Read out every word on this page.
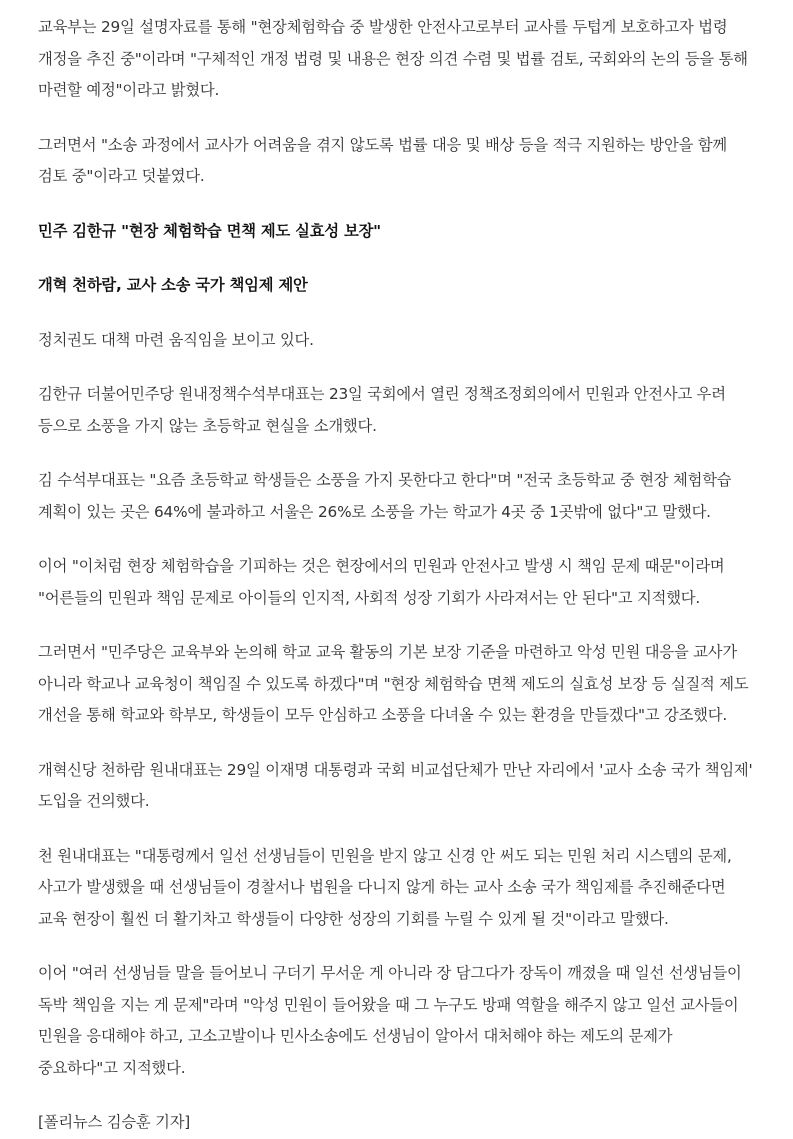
교육부는 29일 설명자료를 통해 "현장체험학습 중 발생한 안전사고로부터 교사를 두텁게 보호하고자 법령 개정을 추진 중"이라며 "구체적인 개정 법령 및 내용은 현장 의견 수렴 및 법률 검토, 국회와의 논의 등을 통해 마련할 예정"이라고 밝혔다.

그러면서 "소송 과정에서 교사가 어려움을 겪지 않도록 법률 대응 및 배상 등을 적극 지원하는 방안을 함께 검토 중"이라고 덧붙였다.

민주 김한규 "현장 체험학습 면책 제도 실효성 보장"

개혁 천하람, 교사 소송 국가 책임제 제안

정치권도 대책 마련 움직임을 보이고 있다.

김한규 더불어민주당 원내정책수석부대표는 23일 국회에서 열린 정책조정회의에서 민원과 안전사고 우려 등으로 소풍을 가지 않는 초등학교 현실을 소개했다.

김 수석부대표는 "요즘 초등학교 학생들은 소풍을 가지 못한다고 한다"며 "전국 초등학교 중 현장 체험학습 계획이 있는 곳은 64%에 불과하고 서울은 26%로 소풍을 가는 학교가 4곳 중 1곳밖에 없다"고 말했다.

이어 "이처럼 현장 체험학습을 기피하는 것은 현장에서의 민원과 안전사고 발생 시 책임 문제 때문"이라며 "어른들의 민원과 책임 문제로 아이들의 인지적, 사회적 성장 기회가 사라져서는 안 된다"고 지적했다.

그러면서 "민주당은 교육부와 논의해 학교 교육 활동의 기본 보장 기준을 마련하고 악성 민원 대응을 교사가 아니라 학교나 교육청이 책임질 수 있도록 하겠다"며 "현장 체험학습 면책 제도의 실효성 보장 등 실질적 제도 개선을 통해 학교와 학부모, 학생들이 모두 안심하고 소풍을 다녀올 수 있는 환경을 만들겠다"고 강조했다.

개혁신당 천하람 원내대표는 29일 이재명 대통령과 국회 비교섭단체가 만난 자리에서 '교사 소송 국가 책임제' 도입을 건의했다.

천 원내대표는 "대통령께서 일선 선생님들이 민원을 받지 않고 신경 안 써도 되는 민원 처리 시스템의 문제, 사고가 발생했을 때 선생님들이 경찰서나 법원을 다니지 않게 하는 교사 소송 국가 책임제를 추진해준다면 교육 현장이 훨씬 더 활기차고 학생들이 다양한 성장의 기회를 누릴 수 있게 될 것"이라고 말했다.

이어 "여러 선생님들 말을 들어보니 구더기 무서운 게 아니라 장 담그다가 장독이 깨졌을 때 일선 선생님들이 독박 책임을 지는 게 문제"라며 "악성 민원이 들어왔을 때 그 누구도 방패 역할을 해주지 않고 일선 교사들이 민원을 응대해야 하고, 고소고발이나 민사소송에도 선생님이 알아서 대처해야 하는 제도의 문제가 중요하다"고 지적했다.

[폴리뉴스 김승훈 기자]
